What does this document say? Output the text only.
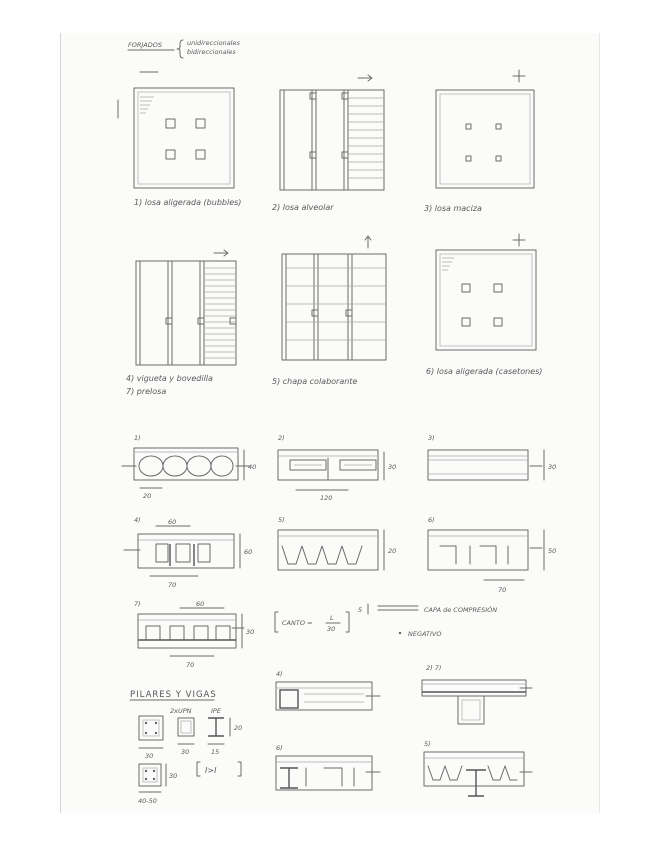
FORJADOS	unidireccionales
bidireccionales
1) losa aligerada (bubbles)
2) losa alveolar	3) losa maciza
4) vigueta y bovedilla
7) prelosa
5) chapa colaborante
6) losa aligerada (casetones)
1)
40
20
2)
30
120
3)
30
4)	60
60
70
5)
20
6)
50
70
7)	60
30
70
CANTO =
L
30
5	CAPA de COMPRESIÓN
NEGATIVO
PILARES Y VIGAS
30
2xUPN
30
IPE
20
15
30
40-50
I>I
4)
2) 7)
6)	5)
